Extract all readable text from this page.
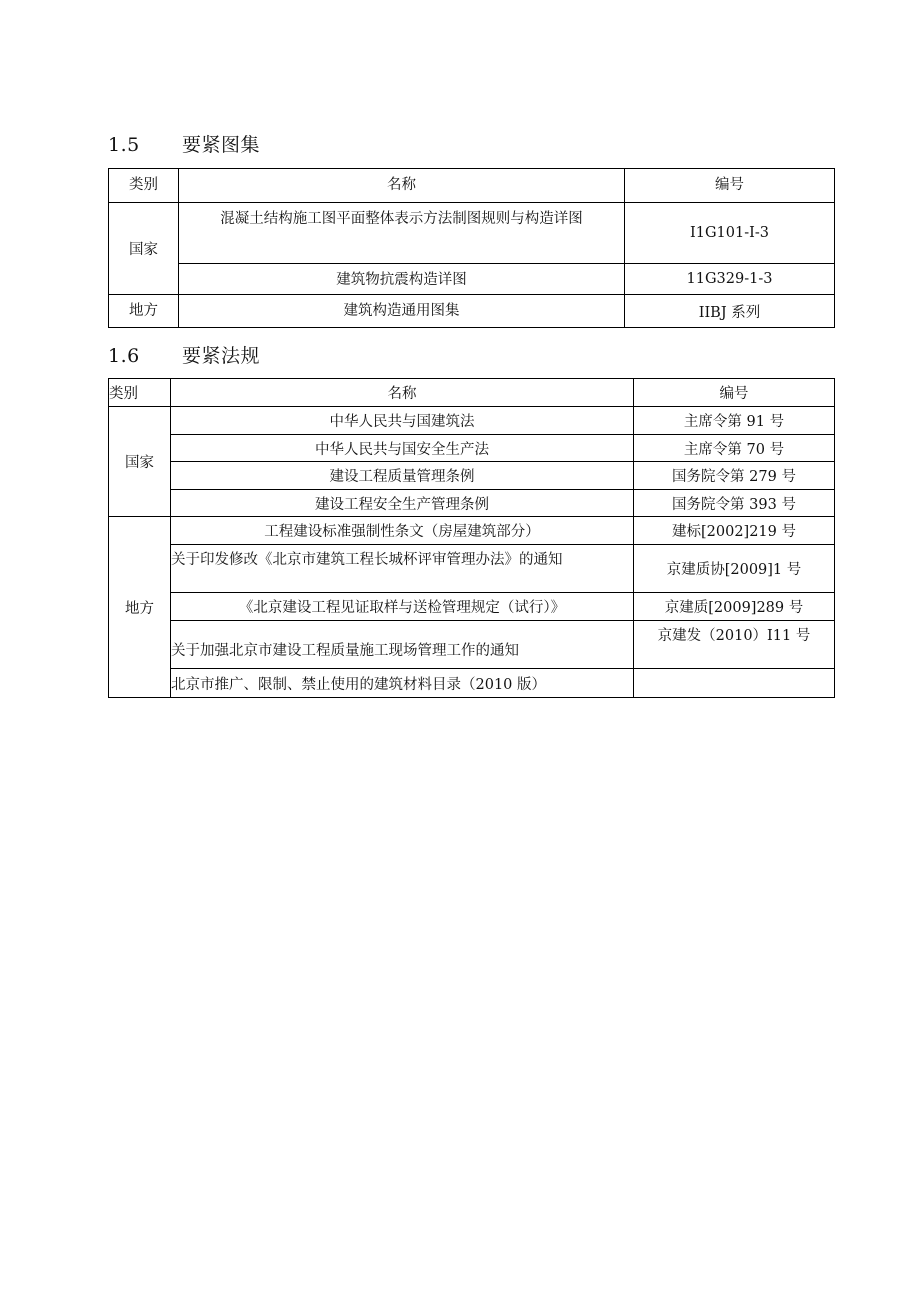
1.5 要紧图集
类别	名称	编号
国家	混凝土结构施工图平面整体表示方法制图规则与构造详图	I1G101-I-3
	建筑物抗震构造详图	11G329-1-3
地方	建筑构造通用图集	IIBJ 系列
1.6 要紧法规
类别	名称	编号
国家	中华人民共与国建筑法	主席令第 91 号
	中华人民共与国安全生产法	主席令第 70 号
	建设工程质量管理条例	国务院令第 279 号
	建设工程安全生产管理条例	国务院令第 393 号
地方	工程建设标准强制性条文（房屋建筑部分）	建标[2002]219 号
	关于印发修改《北京市建筑工程长城杯评审管理办法》的通知	京建质协[2009]1 号
	《北京建设工程见证取样与送检管理规定（试行）》	京建质[2009]289 号
	关于加强北京市建设工程质量施工现场管理工作的通知	京建发（2010）I11 号
	北京市推广、限制、禁止使用的建筑材料目录（2010 版）	
